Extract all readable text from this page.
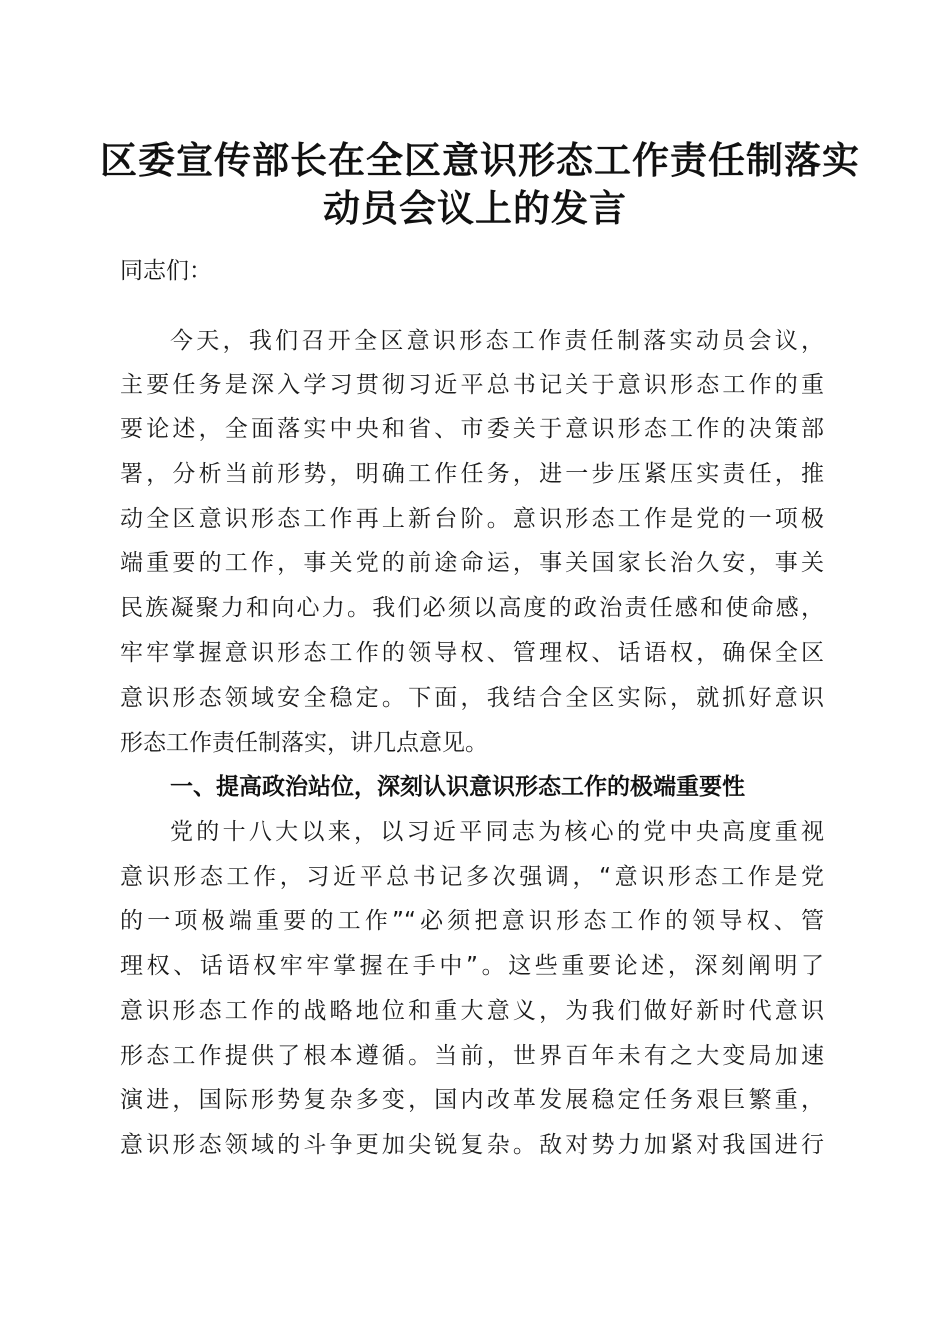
区委宣传部长在全区意识形态工作责任制落实
动员会议上的发言
同志们：
今天，我们召开全区意识形态工作责任制落实动员会议，
主要任务是深入学习贯彻习近平总书记关于意识形态工作的重
要论述，全面落实中央和省、市委关于意识形态工作的决策部
署，分析当前形势，明确工作任务，进一步压紧压实责任，推
动全区意识形态工作再上新台阶。意识形态工作是党的一项极
端重要的工作，事关党的前途命运，事关国家长治久安，事关
民族凝聚力和向心力。我们必须以高度的政治责任感和使命感，
牢牢掌握意识形态工作的领导权、管理权、话语权，确保全区
意识形态领域安全稳定。下面，我结合全区实际，就抓好意识
形态工作责任制落实，讲几点意见。
一、提高政治站位，深刻认识意识形态工作的极端重要性
党的十八大以来，以习近平同志为核心的党中央高度重视
意识形态工作，习近平总书记多次强调，“意识形态工作是党
的一项极端重要的工作”“必须把意识形态工作的领导权、管
理权、话语权牢牢掌握在手中”。这些重要论述，深刻阐明了
意识形态工作的战略地位和重大意义，为我们做好新时代意识
形态工作提供了根本遵循。当前，世界百年未有之大变局加速
演进，国际形势复杂多变，国内改革发展稳定任务艰巨繁重，
意识形态领域的斗争更加尖锐复杂。敌对势力加紧对我国进行
